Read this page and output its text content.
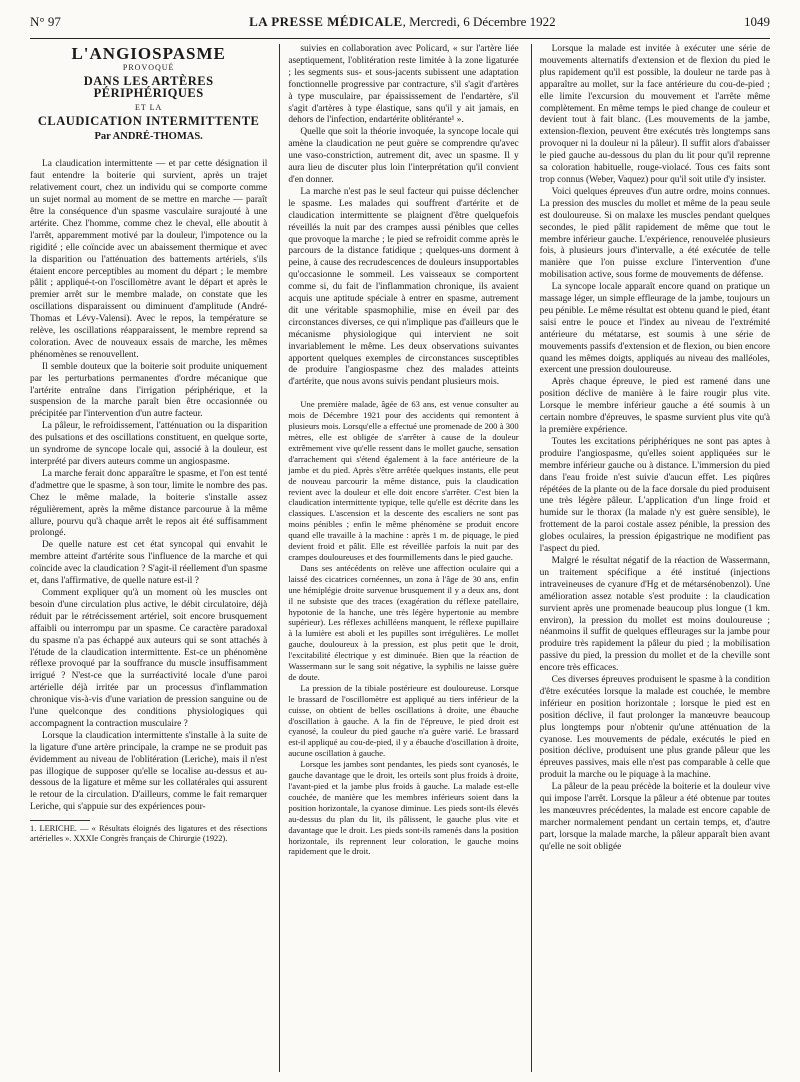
N° 97	LA PRESSE MÉDICALE, Mercredi, 6 Décembre 1922	1049
L'ANGIOSPASME
PROVOQUÉ
DANS LES ARTÈRES PÉRIPHÉRIQUES
ET LA
CLAUDICATION INTERMITTENTE
Par ANDRÉ-THOMAS.

La claudication intermittente — et par cette désignation il faut entendre la boiterie qui survient, après un trajet relativement court, chez un individu qui se comporte comme un sujet normal au moment de se mettre en marche — paraît être la conséquence d'un spasme vasculaire surajouté à une artérite. Chez l'homme, comme chez le cheval, elle aboutit à l'arrêt, apparemment motivé par la douleur, l'impotence ou la rigidité ; elle coïncide avec un abaissement thermique et avec la disparition ou l'atténuation des battements artériels, s'ils étaient encore perceptibles au moment du départ ; le membre pâlit ; appliqué-t-on l'oscillomètre avant le départ et après le premier arrêt sur le membre malade, on constate que les oscillations disparaissent ou diminuent d'amplitude (André-Thomas et Lévy-Valensi). Avec le repos, la température se relève, les oscillations réapparaissent, le membre reprend sa coloration. Avec de nouveaux essais de marche, les mêmes phénomènes se renouvellent.

Il semble douteux que la boiterie soit produite uniquement par les perturbations permanentes d'ordre mécanique que l'artérite entraîne dans l'irrigation périphérique, et la suspension de la marche paraît bien être occasionnée ou précipitée par l'intervention d'un autre facteur.

La pâleur, le refroidissement, l'atténuation ou la disparition des pulsations et des oscillations constituent, en quelque sorte, un syndrome de syncope locale qui, associé à la douleur, est interprété par divers auteurs comme un angiospasme.

La marche ferait donc apparaître le spasme, et l'on est tenté d'admettre que le spasme, à son tour, limite le nombre des pas. Chez le même malade, la boiterie s'installe assez régulièrement, après la même distance parcourue à la même allure, pourvu qu'à chaque arrêt le repos ait été suffisamment prolongé.

De quelle nature est cet état syncopal qui envahit le membre atteint d'artérite sous l'influence de la marche et qui coïncide avec la claudication ? S'agit-il réellement d'un spasme et, dans l'affirmative, de quelle nature est-il ?

Comment expliquer qu'à un moment où les muscles ont besoin d'une circulation plus active, le débit circulatoire, déjà réduit par le rétrécissement artériel, soit encore brusquement affaibli ou interrompu par un spasme. Ce caractère paradoxal du spasme n'a pas échappé aux auteurs qui se sont attachés à l'étude de la claudication intermittente. Est-ce un phénomène réflexe provoqué par la souffrance du muscle insuffisamment irrigué ? N'est-ce que la surréactivité locale d'une paroi artérielle déjà irritée par un processus d'inflammation chronique vis-à-vis d'une variation de pression sanguine ou de l'une quelconque des conditions physiologiques qui accompagnent la contraction musculaire ?

Lorsque la claudication intermittente s'installe à la suite de la ligature d'une artère principale, la crampe ne se produit pas évidemment au niveau de l'oblitération (Leriche), mais il n'est pas illogique de supposer qu'elle se localise au-dessus et au-dessous de la ligature et même sur les collatérales qui assurent le retour de la circulation. D'ailleurs, comme le fait remarquer Leriche, qui s'appuie sur des expériences pour-

1. LERICHE. — « Résultats éloignés des ligatures et des résections artérielles ». XXXIe Congrès français de Chirurgie (1922).

suivies en collaboration avec Policard, « sur l'artère liée aseptiquement, l'oblitération reste limitée à la zone ligaturée ; les segments sus- et sous-jacents subissent une adaptation fonctionnelle progressive par contracture, s'il s'agit d'artères à type musculaire, par épaississement de l'endartère, s'il s'agit d'artères à type élastique, sans qu'il y ait jamais, en dehors de l'infection, endartérite oblitérante¹ ».

Quelle que soit la théorie invoquée, la syncope locale qui amène la claudication ne peut guère se comprendre qu'avec une vaso-constriction, autrement dit, avec un spasme. Il y aura lieu de discuter plus loin l'interprétation qu'il convient d'en donner.

La marche n'est pas le seul facteur qui puisse déclencher le spasme. Les malades qui souffrent d'artérite et de claudication intermittente se plaignent d'être quelquefois réveillés la nuit par des crampes aussi pénibles que celles que provoque la marche ; le pied se refroidit comme après le parcours de la distance fatidique ; quelques-uns dorment à peine, à cause des recrudescences de douleurs insupportables qu'occasionne le sommeil. Les vaisseaux se comportent comme si, du fait de l'inflammation chronique, ils avaient acquis une aptitude spéciale à entrer en spasme, autrement dit une véritable spasmophilie, mise en éveil par des circonstances diverses, ce qui n'implique pas d'ailleurs que le mécanisme physiologique qui intervient ne soit invariablement le même. Les deux observations suivantes apportent quelques exemples de circonstances susceptibles de produire l'angiospasme chez des malades atteints d'artérite, que nous avons suivis pendant plusieurs mois.

Une première malade, âgée de 63 ans, est venue consulter au mois de Décembre 1921 pour des accidents qui remontent à plusieurs mois. Lorsqu'elle a effectué une promenade de 200 à 300 mètres, elle est obligée de s'arrêter à cause de la douleur extrêmement vive qu'elle ressent dans le mollet gauche, sensation d'arrachement qui s'étend également à la face antérieure de la jambe et du pied. Après s'être arrêtée quelques instants, elle peut de nouveau parcourir la même distance, puis la claudication revient avec la douleur et elle doit encore s'arrêter. C'est bien la claudication intermittente typique, telle qu'elle est décrite dans les classiques. L'ascension et la descente des escaliers ne sont pas moins pénibles ; enfin le même phénomène se produit encore quand elle travaille à la machine : après 1 m. de piquage, le pied devient froid et pâlit. Elle est réveillée parfois la nuit par des crampes douloureuses et des fourmillements dans le pied gauche.

Dans ses antécédents on relève une affection oculaire qui a laissé des cicatrices cornéennes, un zona à l'âge de 30 ans, enfin une hémiplégie droite survenue brusquement il y a deux ans, dont il ne subsiste que des traces (exagération du réflexe patellaire, hypotonie de la hanche, une très légère hypertonie au membre supérieur). Les réflexes achilléens manquent, le réflexe pupillaire à la lumière est aboli et les pupilles sont irrégulières. Le mollet gauche, douloureux à la pression, est plus petit que le droit, l'excitabilité électrique y est diminuée. Bien que la réaction de Wassermann sur le sang soit négative, la syphilis ne laisse guère de doute.

La pression de la tibiale postérieure est douloureuse. Lorsque le brassard de l'oscillomètre est appliqué au tiers inférieur de la cuisse, on obtient de belles oscillations à droite, une ébauche d'oscillation à gauche. A la fin de l'épreuve, le pied droit est cyanosé, la couleur du pied gauche n'a guère varié. Le brassard est-il appliqué au cou-de-pied, il y a ébauche d'oscillation à droite, aucune oscillation à gauche.

Lorsque les jambes sont pendantes, les pieds sont cyanosés, le gauche davantage que le droit, les orteils sont plus froids à droite, l'avant-pied et la jambe plus froids à gauche. La malade est-elle couchée, de manière que les membres inférieurs soient dans la position horizontale, la cyanose diminue. Les pieds sont-ils élevés au-dessus du plan du lit, ils pâlissent, le gauche plus vite et davantage que le droit. Les pieds sont-ils ramenés dans la position horizontale, ils reprennent leur coloration, le gauche moins rapidement que le droit.

Lorsque la malade est invitée à exécuter une série de mouvements alternatifs d'extension et de flexion du pied le plus rapidement qu'il est possible, la douleur ne tarde pas à apparaître au mollet, sur la face antérieure du cou-de-pied ; elle limite l'excursion du mouvement et l'arrête même complètement. En même temps le pied change de couleur et devient tout à fait blanc. (Les mouvements de la jambe, extension-flexion, peuvent être exécutés très longtemps sans provoquer ni la douleur ni la pâleur). Il suffit alors d'abaisser le pied gauche au-dessous du plan du lit pour qu'il reprenne sa coloration habituelle, rouge-violacé. Tous ces faits sont trop connus (Weber, Vaquez) pour qu'il soit utile d'y insister.

Voici quelques épreuves d'un autre ordre, moins connues. La pression des muscles du mollet et même de la peau seule est douloureuse. Si on malaxe les muscles pendant quelques secondes, le pied pâlit rapidement de même que tout le membre inférieur gauche. L'expérience, renouvelée plusieurs fois, à plusieurs jours d'intervalle, a été exécutée de telle manière que l'on puisse exclure l'intervention d'une mobilisation active, sous forme de mouvements de défense.

La syncope locale apparaît encore quand on pratique un massage léger, un simple effleurage de la jambe, toujours un peu pénible. Le même résultat est obtenu quand le pied, étant saisi entre le pouce et l'index au niveau de l'extrémité antérieure du métatarse, est soumis à une série de mouvements passifs d'extension et de flexion, ou bien encore quand les mêmes doigts, appliqués au niveau des malléoles, exercent une pression douloureuse.

Après chaque épreuve, le pied est ramené dans une position déclive de manière à le faire rougir plus vite. Lorsque le membre inférieur gauche a été soumis à un certain nombre d'épreuves, le spasme survient plus vite qu'à la première expérience.

Toutes les excitations périphériques ne sont pas aptes à produire l'angiospasme, qu'elles soient appliquées sur le membre inférieur gauche ou à distance. L'immersion du pied dans l'eau froide n'est suivie d'aucun effet. Les piqûres répétées de la plante ou de la face dorsale du pied produisent une très légère pâleur. L'application d'un linge froid et humide sur le thorax (la malade n'y est guère sensible), le frottement de la paroi costale assez pénible, la pression des globes oculaires, la pression épigastrique ne modifient pas l'aspect du pied.

Malgré le résultat négatif de la réaction de Wassermann, un traitement spécifique a été institué (injections intraveineuses de cyanure d'Hg et de métarsénobenzol). Une amélioration assez notable s'est produite : la claudication survient après une promenade beaucoup plus longue (1 km. environ), la pression du mollet est moins douloureuse ; néanmoins il suffit de quelques effleurages sur la jambe pour produire très rapidement la pâleur du pied ; la mobilisation passive du pied, la pression du mollet et de la cheville sont encore très efficaces.

Ces diverses épreuves produisent le spasme à la condition d'être exécutées lorsque la malade est couchée, le membre inférieur en position horizontale ; lorsque le pied est en position déclive, il faut prolonger la manœuvre beaucoup plus longtemps pour n'obtenir qu'une atténuation de la cyanose. Les mouvements de pédale, exécutés le pied en position déclive, produisent une plus grande pâleur que les épreuves passives, mais elle n'est pas comparable à celle que produit la marche ou le piquage à la machine.

La pâleur de la peau précède la boiterie et la douleur vive qui impose l'arrêt. Lorsque la pâleur a été obtenue par toutes les manœuvres précédentes, la malade est encore capable de marcher normalement pendant un certain temps, et, d'autre part, lorsque la malade marche, la pâleur apparaît bien avant qu'elle ne soit obligée
